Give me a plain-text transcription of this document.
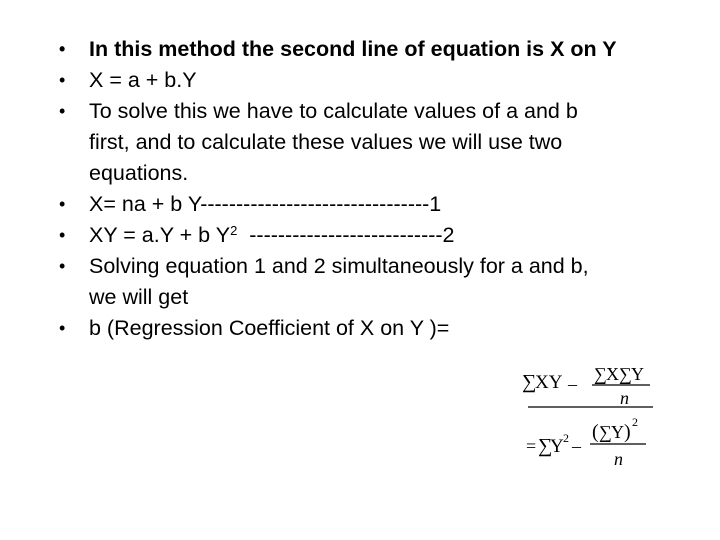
• In this method the second line of equation is X on Y
• X = a + b.Y
• To solve this we have to calculate values of a and b
first, and to calculate these values we will use two
equations.
• X= na + b Y--------------------------------1
• XY = a.Y + b $Y^2$  ---------------------------2
• Solving equation 1 and 2 simultaneously for a and b,
we will get
• b (Regression Coefficient of X on Y )=
∑
XY – ∑ X ∑ Y
n
= ∑
Y 2 –
( ∑ Y ) 2
n
